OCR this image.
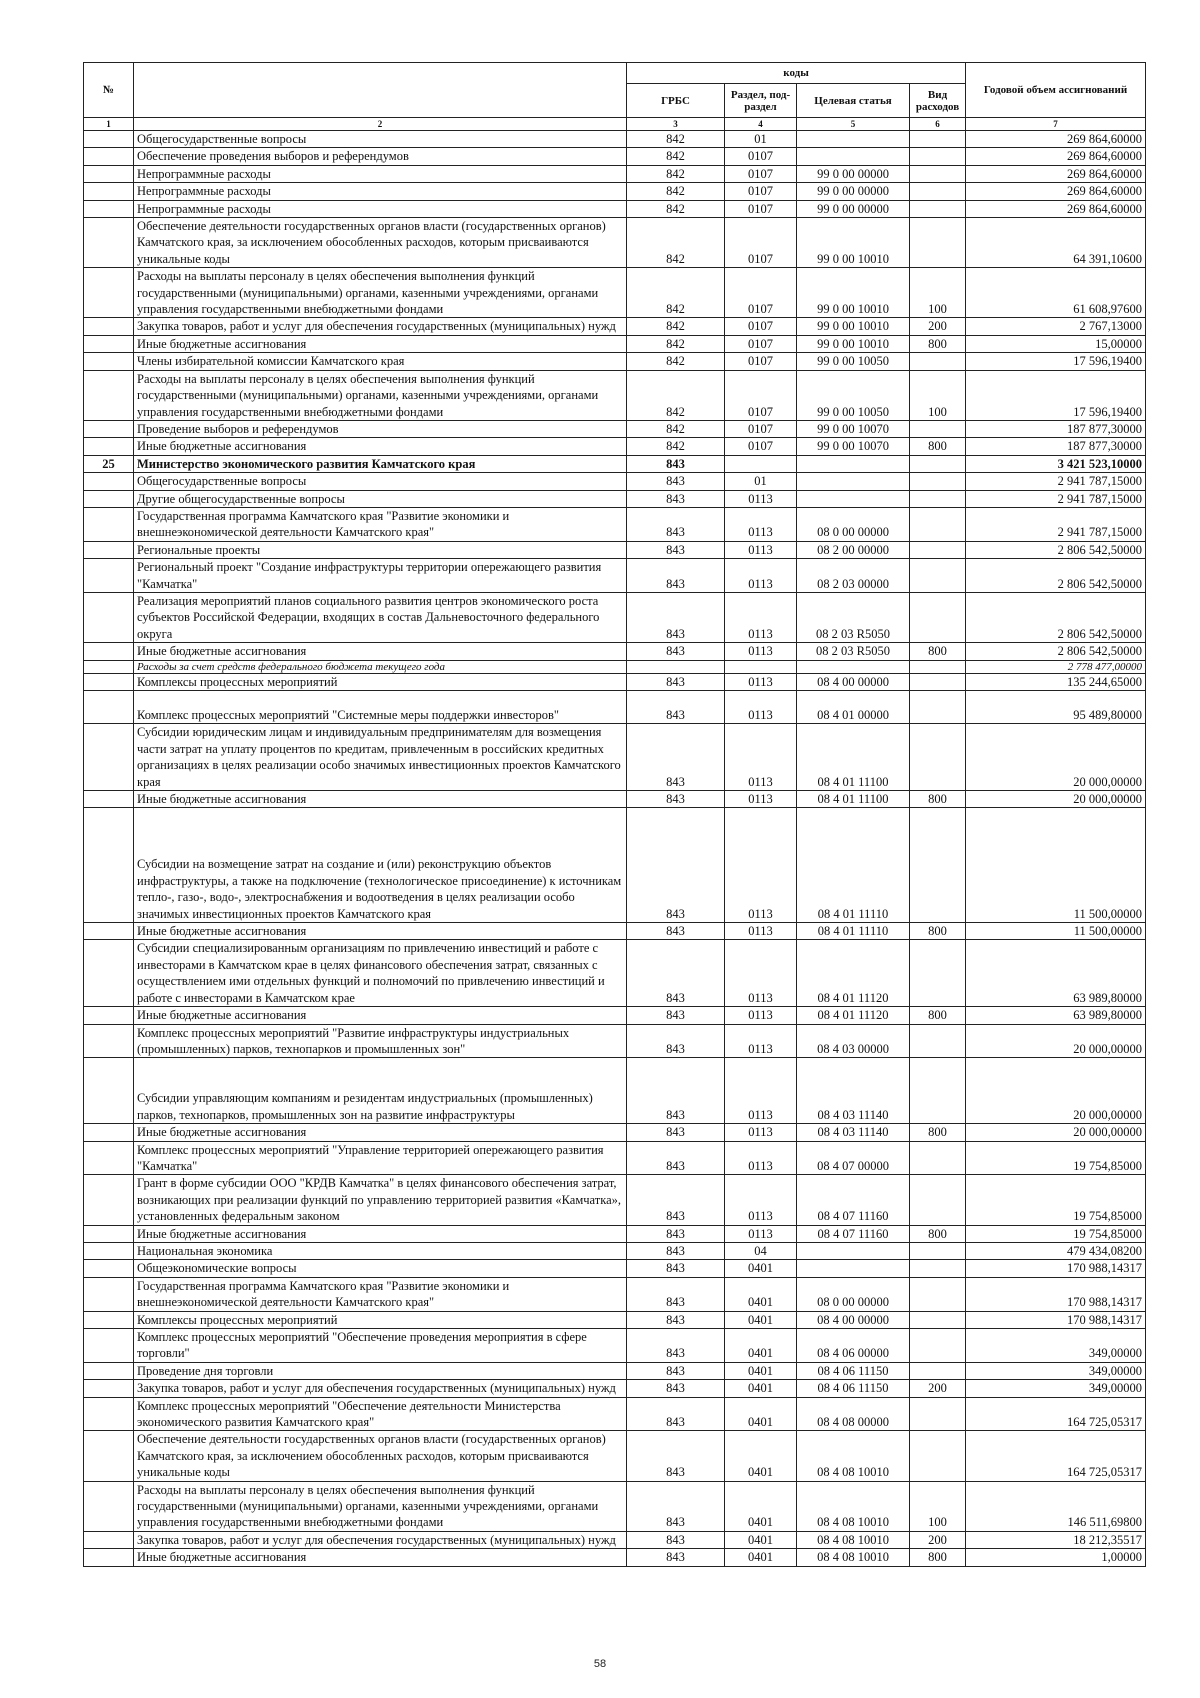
№		коды				Годовой объем ассигнований
		ГРБС	Раздел, под-раздел	Целевая статья	Вид расходов	
1	2	3	4	5	6	7
	Общегосударственные вопросы	842	01			269 864,60000
	Обеспечение проведения выборов и референдумов	842	0107			269 864,60000
	Непрограммные расходы	842	0107	99 0 00 00000		269 864,60000
	Непрограммные расходы	842	0107	99 0 00 00000		269 864,60000
	Непрограммные расходы	842	0107	99 0 00 00000		269 864,60000
	Обеспечение деятельности государственных органов власти (государственных органов) Камчатского края, за исключением обособленных расходов, которым присваиваются уникальные коды	842	0107	99 0 00 10010		64 391,10600
	Расходы на выплаты персоналу в целях обеспечения выполнения функций государственными (муниципальными) органами, казенными учреждениями, органами управления государственными внебюджетными фондами	842	0107	99 0 00 10010	100	61 608,97600
	Закупка товаров, работ и услуг для обеспечения государственных (муниципальных) нужд	842	0107	99 0 00 10010	200	2 767,13000
	Иные бюджетные ассигнования	842	0107	99 0 00 10010	800	15,00000
	Члены избирательной комиссии Камчатского края	842	0107	99 0 00 10050		17 596,19400
	Расходы на выплаты персоналу в целях обеспечения выполнения функций государственными (муниципальными) органами, казенными учреждениями, органами управления государственными внебюджетными фондами	842	0107	99 0 00 10050	100	17 596,19400
	Проведение выборов и референдумов	842	0107	99 0 00 10070		187 877,30000
	Иные бюджетные ассигнования	842	0107	99 0 00 10070	800	187 877,30000
25	Министерство экономического развития Камчатского края	843				3 421 523,10000
	Общегосударственные вопросы	843	01			2 941 787,15000
	Другие общегосударственные вопросы	843	0113			2 941 787,15000
	Государственная программа Камчатского края "Развитие экономики и внешнеэкономической деятельности Камчатского края"	843	0113	08 0 00 00000		2 941 787,15000
	Региональные проекты	843	0113	08 2 00 00000		2 806 542,50000
	Региональный проект "Создание инфраструктуры территории опережающего развития "Камчатка"	843	0113	08 2 03 00000		2 806 542,50000
	Реализация мероприятий планов социального развития центров экономического роста субъектов Российской Федерации, входящих в состав Дальневосточного федерального округа	843	0113	08 2 03 R5050		2 806 542,50000
	Иные бюджетные ассигнования	843	0113	08 2 03 R5050	800	2 806 542,50000
	Расходы за счет средств федерального бюджета текущего года					2 778 477,00000
	Комплексы процессных мероприятий	843	0113	08 4 00 00000		135 244,65000
	Комплекс процессных мероприятий "Системные меры поддержки инвесторов"	843	0113	08 4 01 00000		95 489,80000
	Субсидии юридическим лицам и индивидуальным предпринимателям для возмещения части затрат на уплату процентов по кредитам, привлеченным в российских кредитных организациях в целях реализации особо значимых инвестиционных проектов Камчатского края	843	0113	08 4 01 11100		20 000,00000
	Иные бюджетные ассигнования	843	0113	08 4 01 11100	800	20 000,00000
	Субсидии на возмещение затрат на создание и (или) реконструкцию объектов инфраструктуры, а также на подключение (технологическое присоединение) к источникам тепло-, газо-, водо-, электроснабжения и водоотведения в целях реализации особо значимых инвестиционных проектов Камчатского края	843	0113	08 4 01 11110		11 500,00000
	Иные бюджетные ассигнования	843	0113	08 4 01 11110	800	11 500,00000
	Субсидии специализированным организациям по привлечению инвестиций и работе с инвесторами в Камчатском крае в целях финансового обеспечения затрат, связанных с осуществлением ими отдельных функций и полномочий по привлечению инвестиций и работе с инвесторами в Камчатском крае	843	0113	08 4 01 11120		63 989,80000
	Иные бюджетные ассигнования	843	0113	08 4 01 11120	800	63 989,80000
	Комплекс процессных мероприятий "Развитие инфраструктуры индустриальных (промышленных) парков, технопарков и промышленных зон"	843	0113	08 4 03 00000		20 000,00000
	Субсидии управляющим компаниям и резидентам индустриальных (промышленных) парков, технопарков, промышленных зон на развитие инфраструктуры	843	0113	08 4 03 11140		20 000,00000
	Иные бюджетные ассигнования	843	0113	08 4 03 11140	800	20 000,00000
	Комплекс процессных мероприятий "Управление территорией опережающего развития "Камчатка"	843	0113	08 4 07 00000		19 754,85000
	Грант в форме субсидии ООО "КРДВ Камчатка" в целях финансового обеспечения затрат, возникающих при реализации функций по управлению территорией развития «Камчатка», установленных федеральным законом	843	0113	08 4 07 11160		19 754,85000
	Иные бюджетные ассигнования	843	0113	08 4 07 11160	800	19 754,85000
	Национальная экономика	843	04			479 434,08200
	Общеэкономические вопросы	843	0401			170 988,14317
	Государственная программа Камчатского края "Развитие экономики и внешнеэкономической деятельности Камчатского края"	843	0401	08 0 00 00000		170 988,14317
	Комплексы процессных мероприятий	843	0401	08 4 00 00000		170 988,14317
	Комплекс процессных мероприятий "Обеспечение проведения мероприятия в сфере торговли"	843	0401	08 4 06 00000		349,00000
	Проведение дня торговли	843	0401	08 4 06 11150		349,00000
	Закупка товаров, работ и услуг для обеспечения государственных (муниципальных) нужд	843	0401	08 4 06 11150	200	349,00000
	Комплекс процессных мероприятий "Обеспечение деятельности Министерства экономического развития Камчатского края"	843	0401	08 4 08 00000		164 725,05317
	Обеспечение деятельности государственных органов власти (государственных органов) Камчатского края, за исключением обособленных расходов, которым присваиваются уникальные коды	843	0401	08 4 08 10010		164 725,05317
	Расходы на выплаты персоналу в целях обеспечения выполнения функций государственными (муниципальными) органами, казенными учреждениями, органами управления государственными внебюджетными фондами	843	0401	08 4 08 10010	100	146 511,69800
	Закупка товаров, работ и услуг для обеспечения государственных (муниципальных) нужд	843	0401	08 4 08 10010	200	18 212,35517
	Иные бюджетные ассигнования	843	0401	08 4 08 10010	800	1,00000
58
